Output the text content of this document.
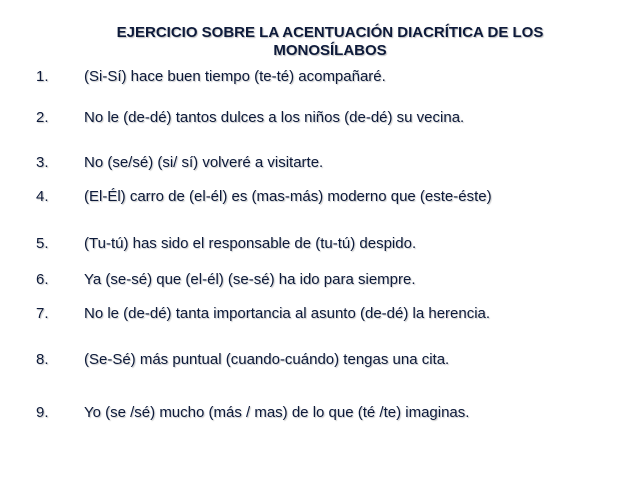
EJERCICIO SOBRE LA ACENTUACIÓN DIACRÍTICA DE LOS
MONOSÍLABOS
1. (Si-Sí) hace buen tiempo (te-té) acompañaré.
2. No le (de-dé) tantos dulces a los niños (de-dé) su vecina.
3. No (se/sé) (si/ sí) volveré a visitarte.
4. (El-Él) carro de (el-él) es (mas-más) moderno que (este-éste)
5. (Tu-tú) has sido el responsable de (tu-tú) despido.
6. Ya (se-sé) que (el-él) (se-sé) ha ido para siempre.
7. No le (de-dé) tanta importancia al asunto (de-dé) la herencia.
8. (Se-Sé) más puntual (cuando-cuándo) tengas una cita.
9. Yo (se /sé) mucho (más / mas) de lo que (té /te) imaginas.
